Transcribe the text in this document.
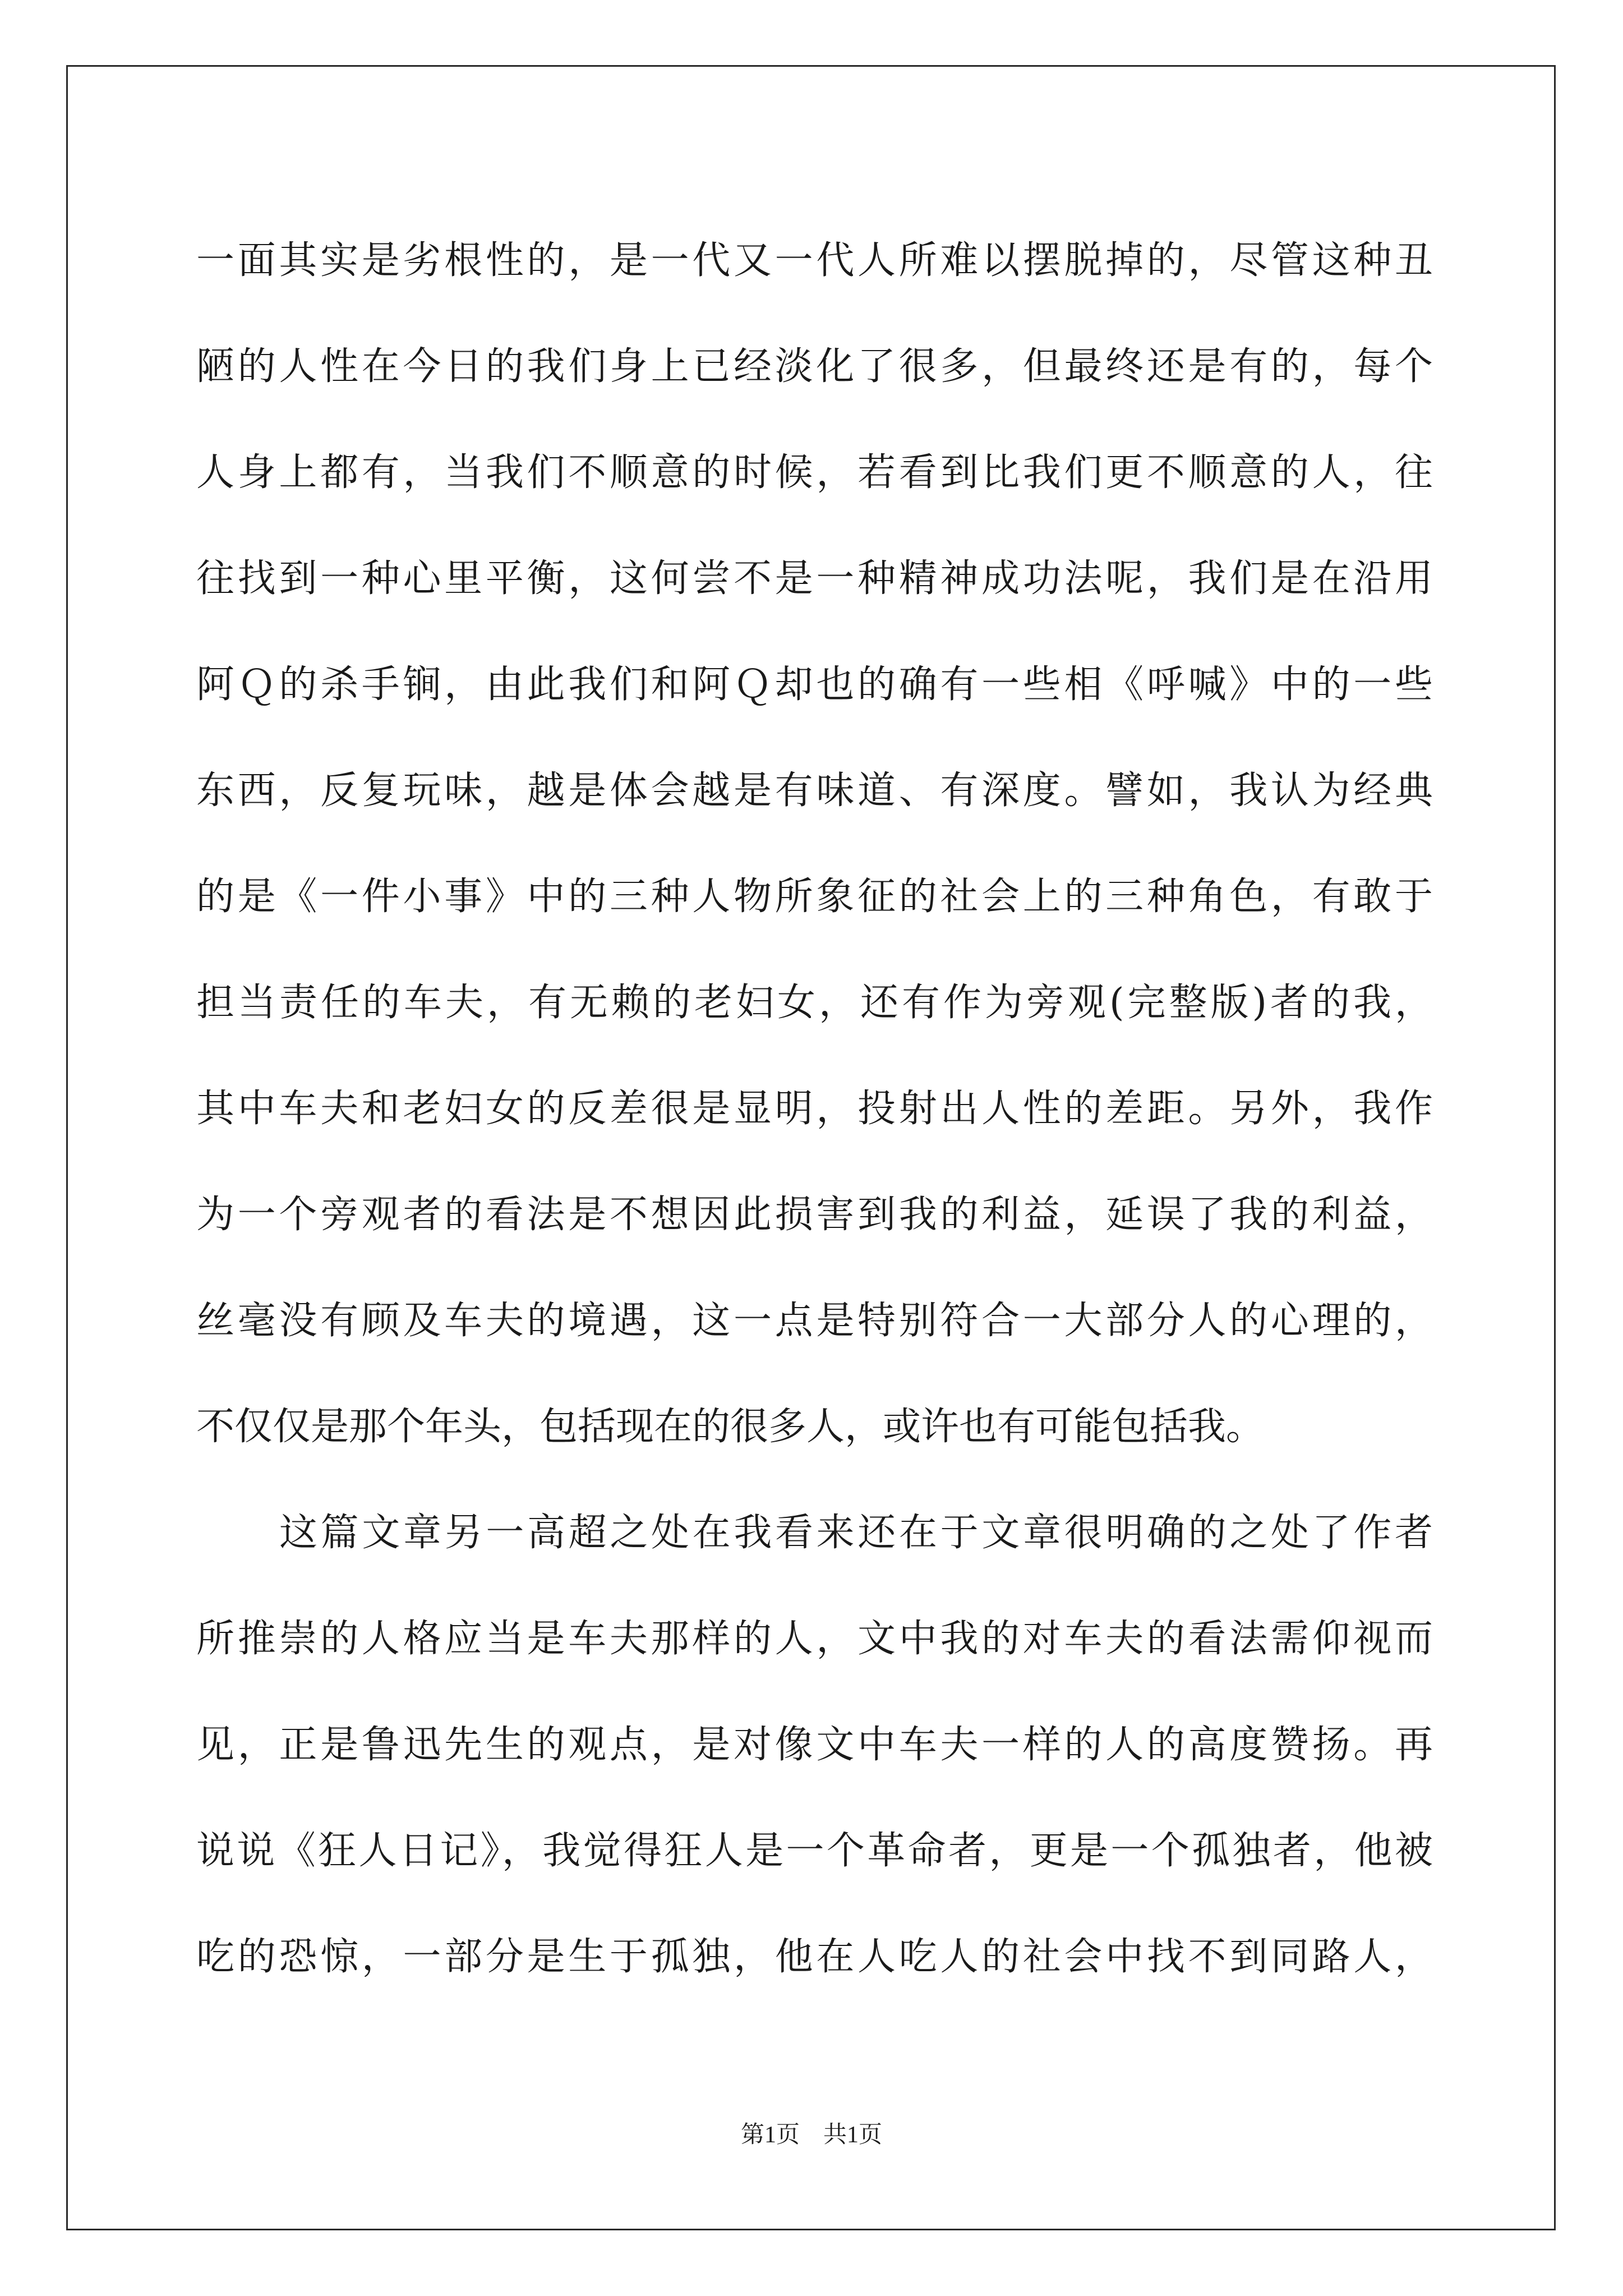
一面其实是劣根性的，是一代又一代人所难以摆脱掉的，尽管这种丑
陋的人性在今日的我们身上已经淡化了很多，但最终还是有的，每个
人身上都有，当我们不顺意的时候，若看到比我们更不顺意的人，往
往找到一种心里平衡，这何尝不是一种精神成功法呢，我们是在沿用
阿Ｑ的杀手锏，由此我们和阿Ｑ却也的确有一些相《呼喊》中的一些
东西，反复玩味，越是体会越是有味道、有深度。譬如，我认为经典
的是《一件小事》中的三种人物所象征的社会上的三种角色，有敢于
担当责任的车夫，有无赖的老妇女，还有作为旁观(完整版)者的我，
其中车夫和老妇女的反差很是显明，投射出人性的差距。另外，我作
为一个旁观者的看法是不想因此损害到我的利益，延误了我的利益，
丝毫没有顾及车夫的境遇，这一点是特别符合一大部分人的心理的，
不仅仅是那个年头，包括现在的很多人，或许也有可能包括我。
这篇文章另一高超之处在我看来还在于文章很明确的之处了作者
所推崇的人格应当是车夫那样的人，文中我的对车夫的看法需仰视而
见，正是鲁迅先生的观点，是对像文中车夫一样的人的高度赞扬。再
说说《狂人日记》，我觉得狂人是一个革命者，更是一个孤独者，他被
吃的恐惊，一部分是生于孤独，他在人吃人的社会中找不到同路人，
第1页　共1页
